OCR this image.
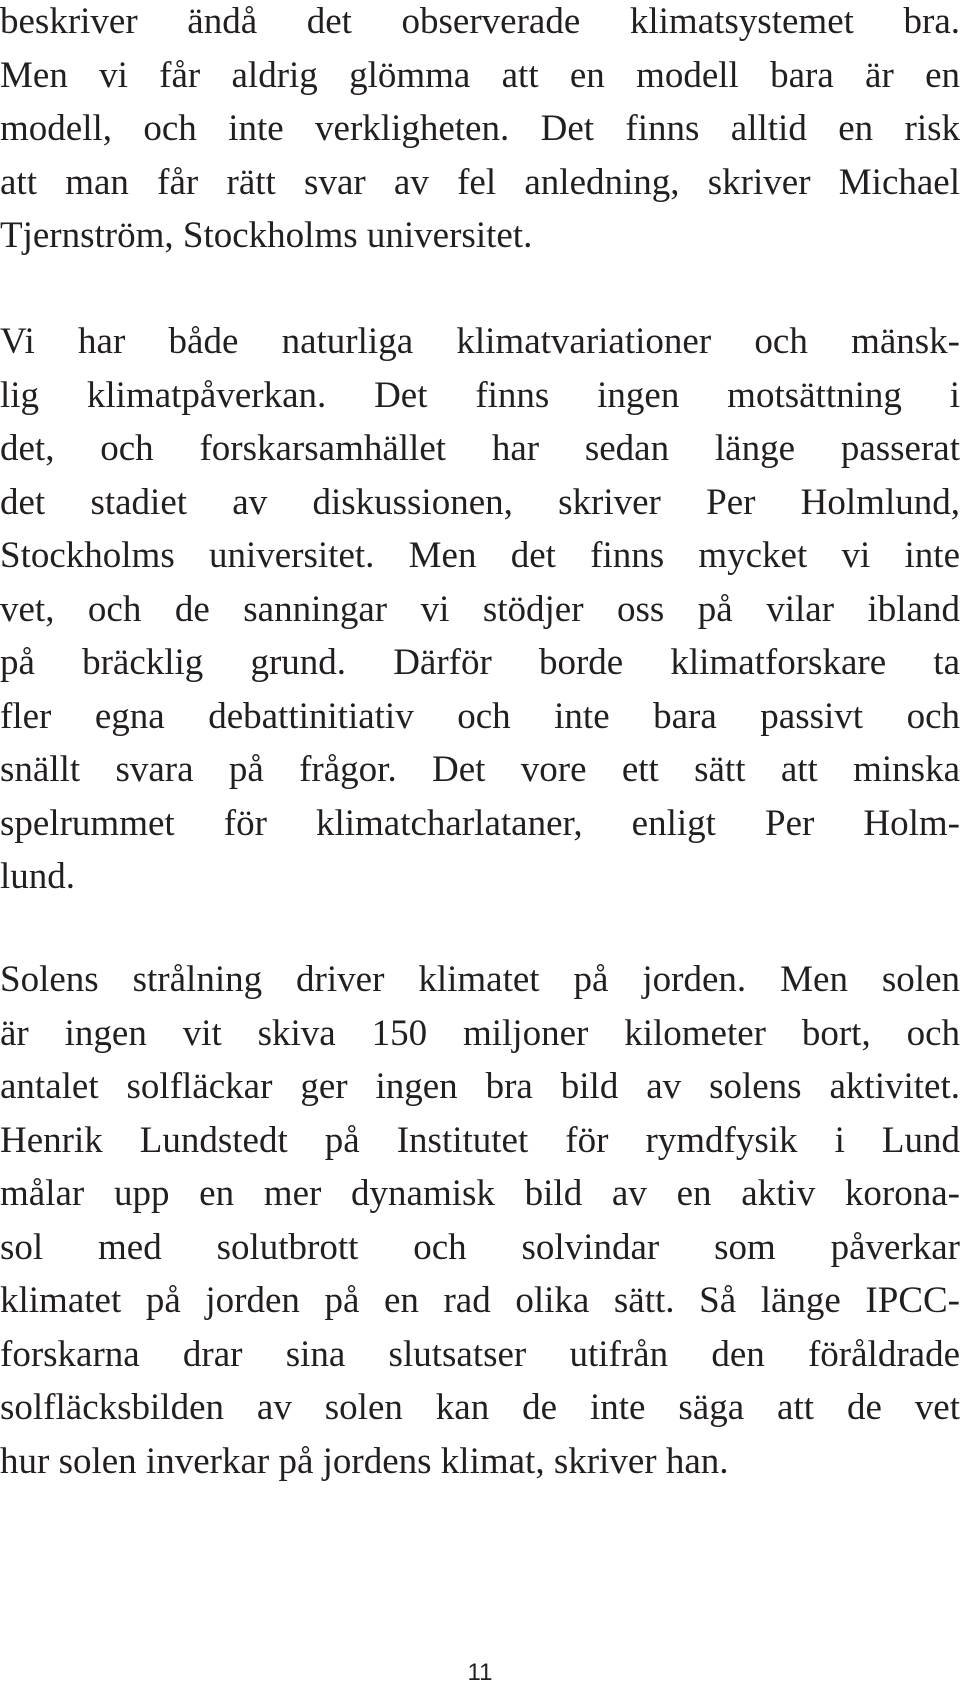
beskriver ändå det observerade klimatsystemet bra.
Men vi får aldrig glömma att en modell bara är en
modell, och inte verkligheten. Det finns alltid en risk
att man får rätt svar av fel anledning, skriver Michael
Tjernström, Stockholms universitet.
Vi har både naturliga klimatvariationer och mänsk-
lig klimatpåverkan. Det finns ingen motsättning i
det, och forskarsamhället har sedan länge passerat
det stadiet av diskussionen, skriver Per Holmlund,
Stockholms universitet. Men det finns mycket vi inte
vet, och de sanningar vi stödjer oss på vilar ibland
på bräcklig grund. Därför borde klimatforskare ta
fler egna debattinitiativ och inte bara passivt och
snällt svara på frågor. Det vore ett sätt att minska
spelrummet för klimatcharlataner, enligt Per Holm-
lund.
Solens strålning driver klimatet på jorden. Men solen
är ingen vit skiva 150 miljoner kilometer bort, och
antalet solfläckar ger ingen bra bild av solens aktivitet.
Henrik Lundstedt på Institutet för rymdfysik i Lund
målar upp en mer dynamisk bild av en aktiv korona-
sol med solutbrott och solvindar som påverkar
klimatet på jorden på en rad olika sätt. Så länge IPCC-
forskarna drar sina slutsatser utifrån den föråldrade
solfläcksbilden av solen kan de inte säga att de vet
hur solen inverkar på jordens klimat, skriver han.
11
